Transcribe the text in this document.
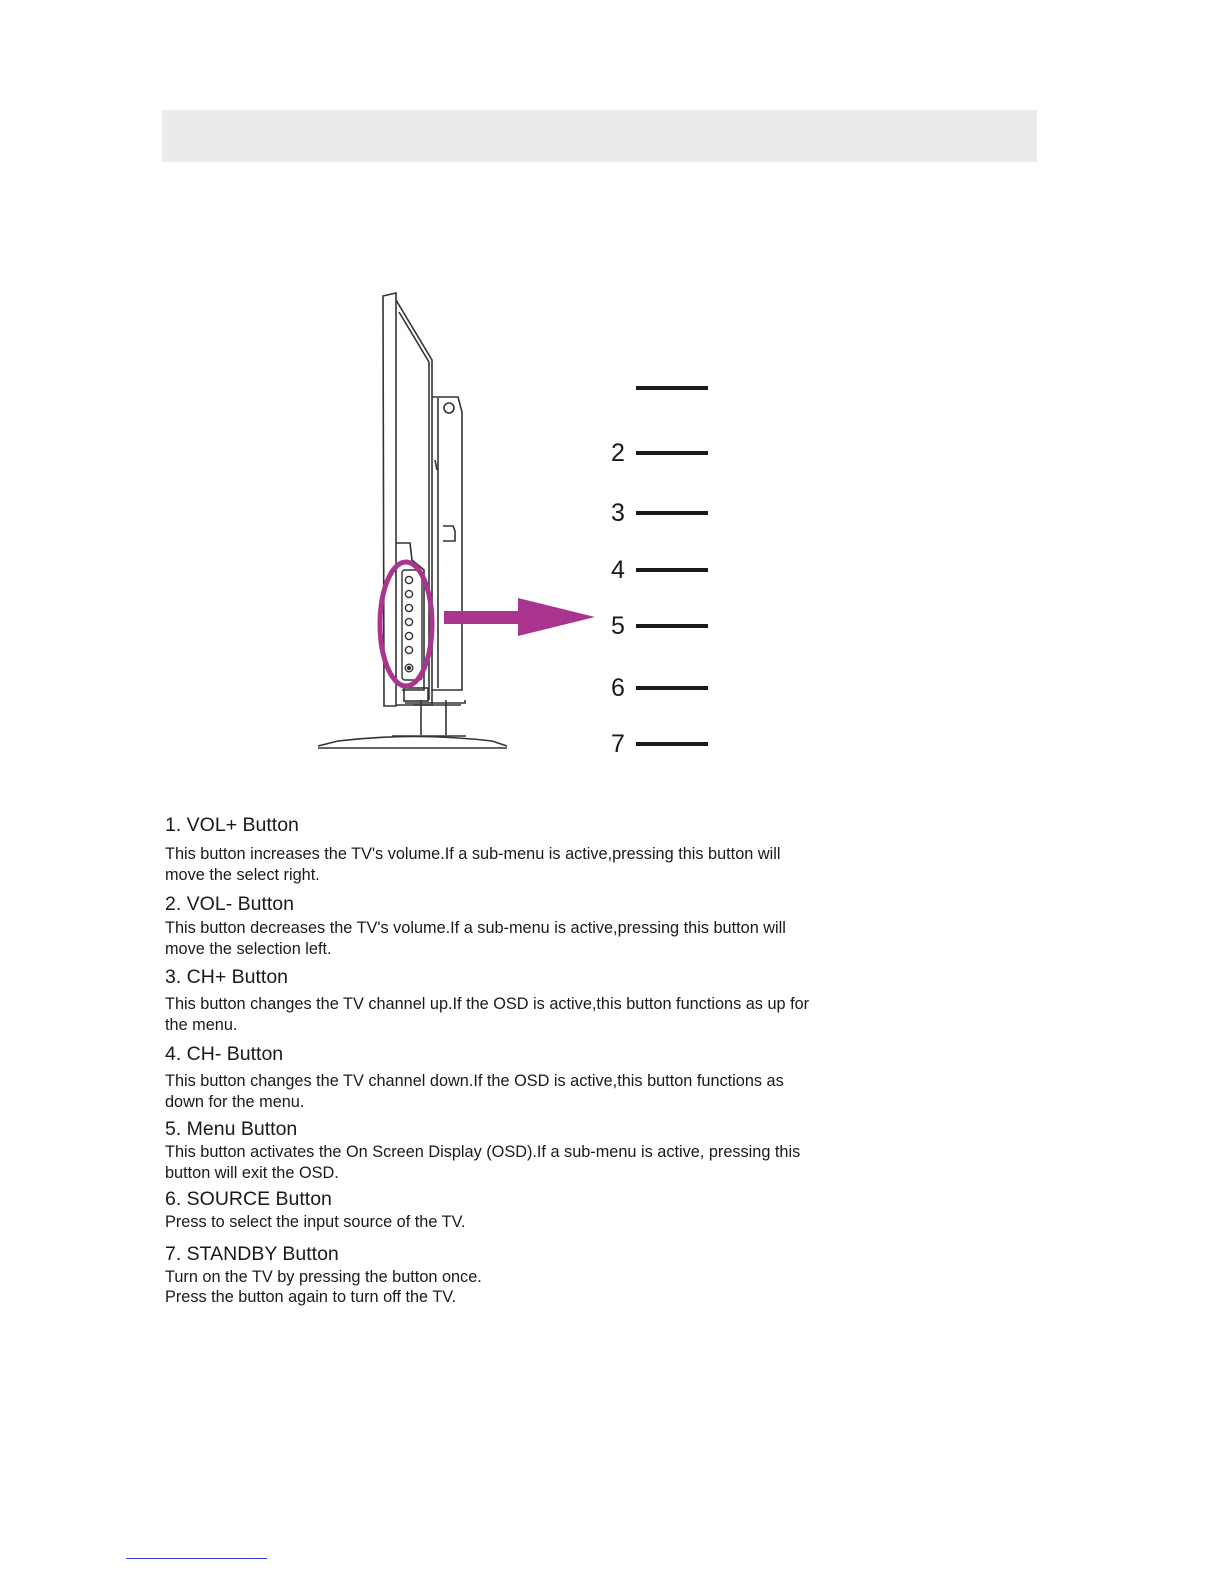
2
3
4
5
6
7
1. VOL+ Button

This button increases the TV's volume.If a sub-menu is active,pressing this button will move the select right.

2. VOL- Button

This button decreases the TV's volume.If a sub-menu is active,pressing this button will move the selection left.

3. CH+ Button

This button changes the TV channel up.If the OSD is active,this button functions as up for the menu.

4. CH- Button

This button changes the TV channel down.If the OSD is active,this button functions as down for the menu.

5. Menu Button

This button activates the On Screen Display (OSD).If a sub-menu is active, pressing this button will exit the OSD.

6. SOURCE Button

Press to select the input source of the TV.

7. STANDBY Button

Turn on the TV by pressing the button once.
Press the button again to turn off the TV.
